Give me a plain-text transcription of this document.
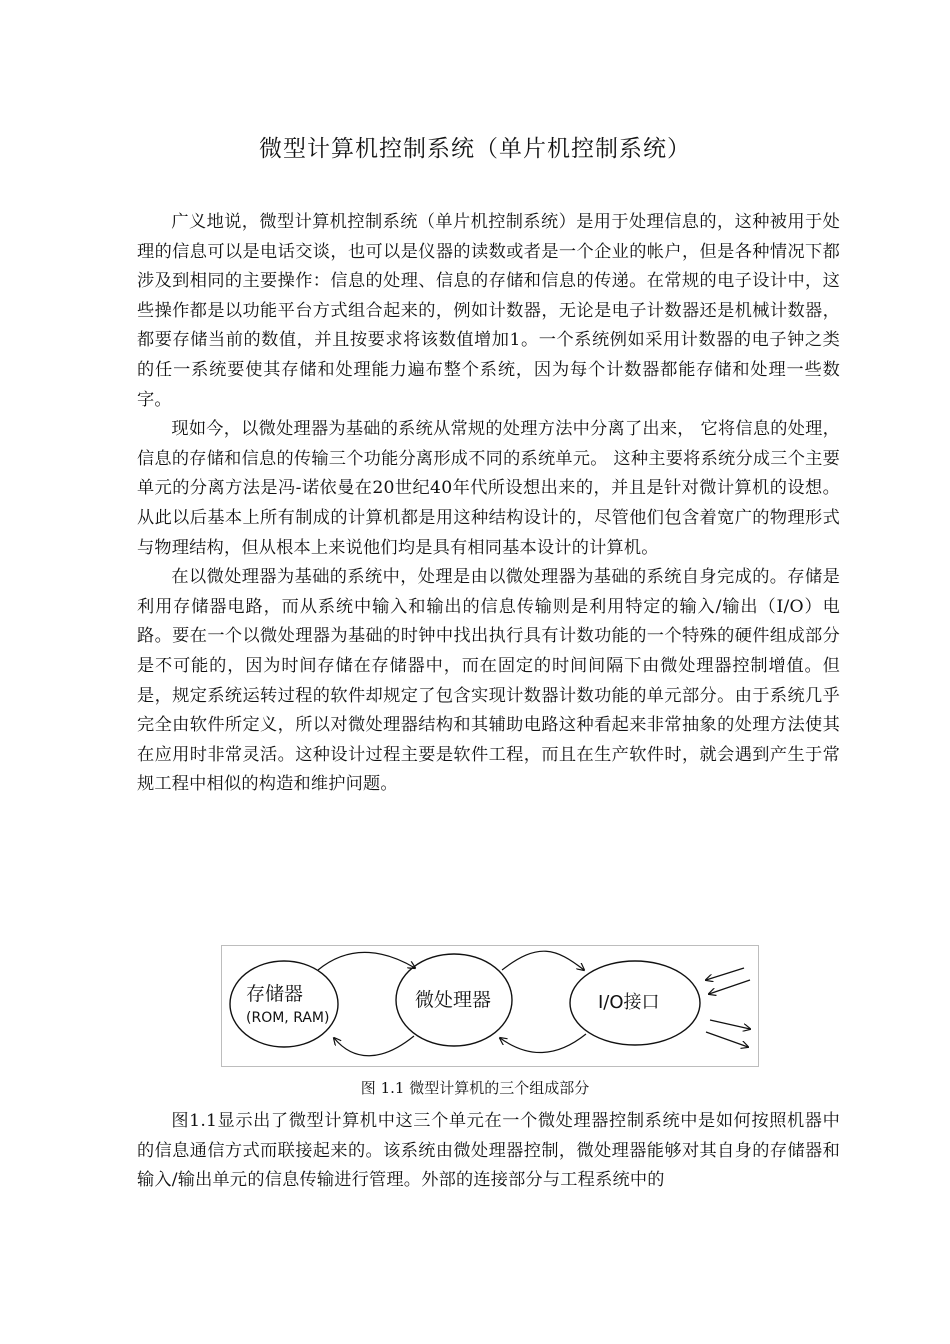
微型计算机控制系统（单片机控制系统）

广义地说，微型计算机控制系统（单片机控制系统）是用于处理信息的，这种被用于处理的信息可以是电话交谈，也可以是仪器的读数或者是一个企业的帐户，但是各种情况下都涉及到相同的主要操作：信息的处理、信息的存储和信息的传递。在常规的电子设计中，这些操作都是以功能平台方式组合起来的，例如计数器，无论是电子计数器还是机械计数器，都要存储当前的数值，并且按要求将该数值增加1。一个系统例如采用计数器的电子钟之类的任一系统要使其存储和处理能力遍布整个系统，因为每个计数器都能存储和处理一些数字。

现如今，以微处理器为基础的系统从常规的处理方法中分离了出来， 它将信息的处理，信息的存储和信息的传输三个功能分离形成不同的系统单元。 这种主要将系统分成三个主要单元的分离方法是冯-诺依曼在20世纪40年代所设想出来的，并且是针对微计算机的设想。从此以后基本上所有制成的计算机都是用这种结构设计的，尽管他们包含着宽广的物理形式与物理结构，但从根本上来说他们均是具有相同基本设计的计算机。

在以微处理器为基础的系统中，处理是由以微处理器为基础的系统自身完成的。存储是利用存储器电路，而从系统中输入和输出的信息传输则是利用特定的输入/输出（I/O）电路。要在一个以微处理器为基础的时钟中找出执行具有计数功能的一个特殊的硬件组成部分是不可能的，因为时间存储在存储器中，而在固定的时间间隔下由微处理器控制增值。但是，规定系统运转过程的软件却规定了包含实现计数器计数功能的单元部分。由于系统几乎完全由软件所定义，所以对微处理器结构和其辅助电路这种看起来非常抽象的处理方法使其在应用时非常灵活。这种设计过程主要是软件工程，而且在生产软件时，就会遇到产生于常规工程中相似的构造和维护问题。

存储器
(ROM, RAM)
微处理器	I/O接口
图 1.1 微型计算机的三个组成部分

图1.1显示出了微型计算机中这三个单元在一个微处理器控制系统中是如何按照机器中的信息通信方式而联接起来的。该系统由微处理器控制，微处理器能够对其自身的存储器和输入/输出单元的信息传输进行管理。外部的连接部分与工程系统中的
